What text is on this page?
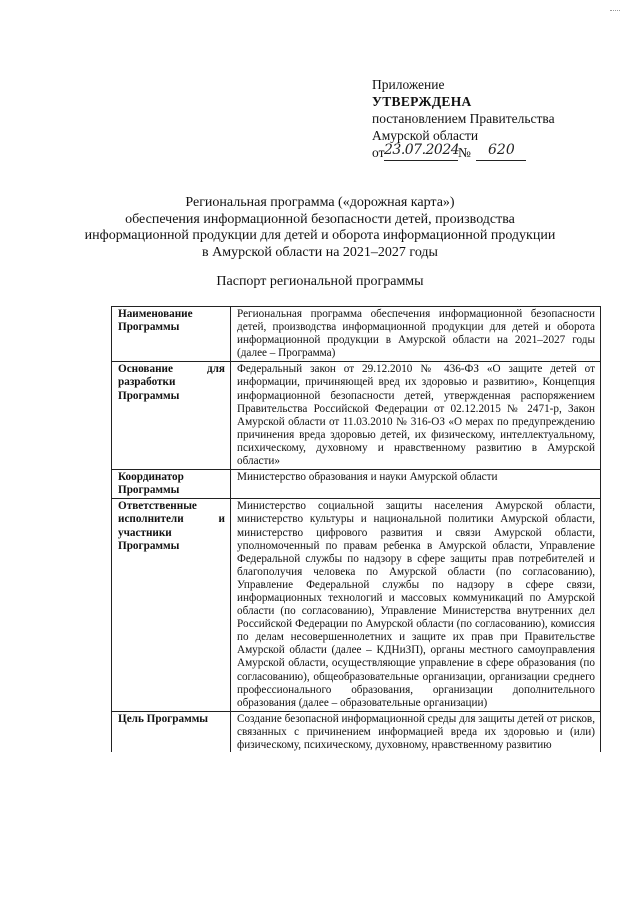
Приложение
УТВЕРЖДЕНА
постановлением Правительства
Амурской области
от 23.07.2024
№ 620
Региональная программа («дорожная карта»)
обеспечения информационной безопасности детей, производства
информационной продукции для детей и оборота информационной продукции
в Амурской области на 2021–2027 годы
Паспорт региональной программы
Наименование Программы	Региональная программа обеспечения информационной безопасности детей, производства информационной продукции для детей и оборота информационной продукции в Амурской области на 2021–2027 годы (далее – Программа)
Основание для разработки Программы	Федеральный закон от 29.12.2010 № 436-ФЗ «О защите детей от информации, причиняющей вред их здоровью и развитию», Концепция информационной безопасности детей, утвержденная распоряжением Правительства Российской Федерации от 02.12.2015 № 2471-р, Закон Амурской области от 11.03.2010 № 316-ОЗ «О мерах по предупреждению причинения вреда здоровью детей, их физическому, интеллектуальному, психическому, духовному и нравственному развитию в Амурской области»
Координатор Программы	Министерство образования и науки Амурской области
Ответственные исполнители и участники Программы	Министерство социальной защиты населения Амурской области, министерство культуры и национальной политики Амурской области, министерство цифрового развития и связи Амурской области, уполномоченный по правам ребенка в Амурской области, Управление Федеральной службы по надзору в сфере защиты прав потребителей и благополучия человека по Амурской области (по согласованию), Управление Федеральной службы по надзору в сфере связи, информационных технологий и массовых коммуникаций по Амурской области (по согласованию), Управление Министерства внутренних дел Российской Федерации по Амурской области (по согласованию), комиссия по делам несовершеннолетних и защите их прав при Правительстве Амурской области (далее – КДНиЗП), органы местного самоуправления Амурской области, осуществляющие управление в сфере образования (по согласованию), общеобразовательные организации, организации среднего профессионального образования, организации дополнительного образования (далее – образовательные организации)
Цель Программы	Создание безопасной информационной среды для защиты детей от рисков, связанных с причинением информацией вреда их здоровью и (или) физическому, психическому, духовному, нравственному развитию
